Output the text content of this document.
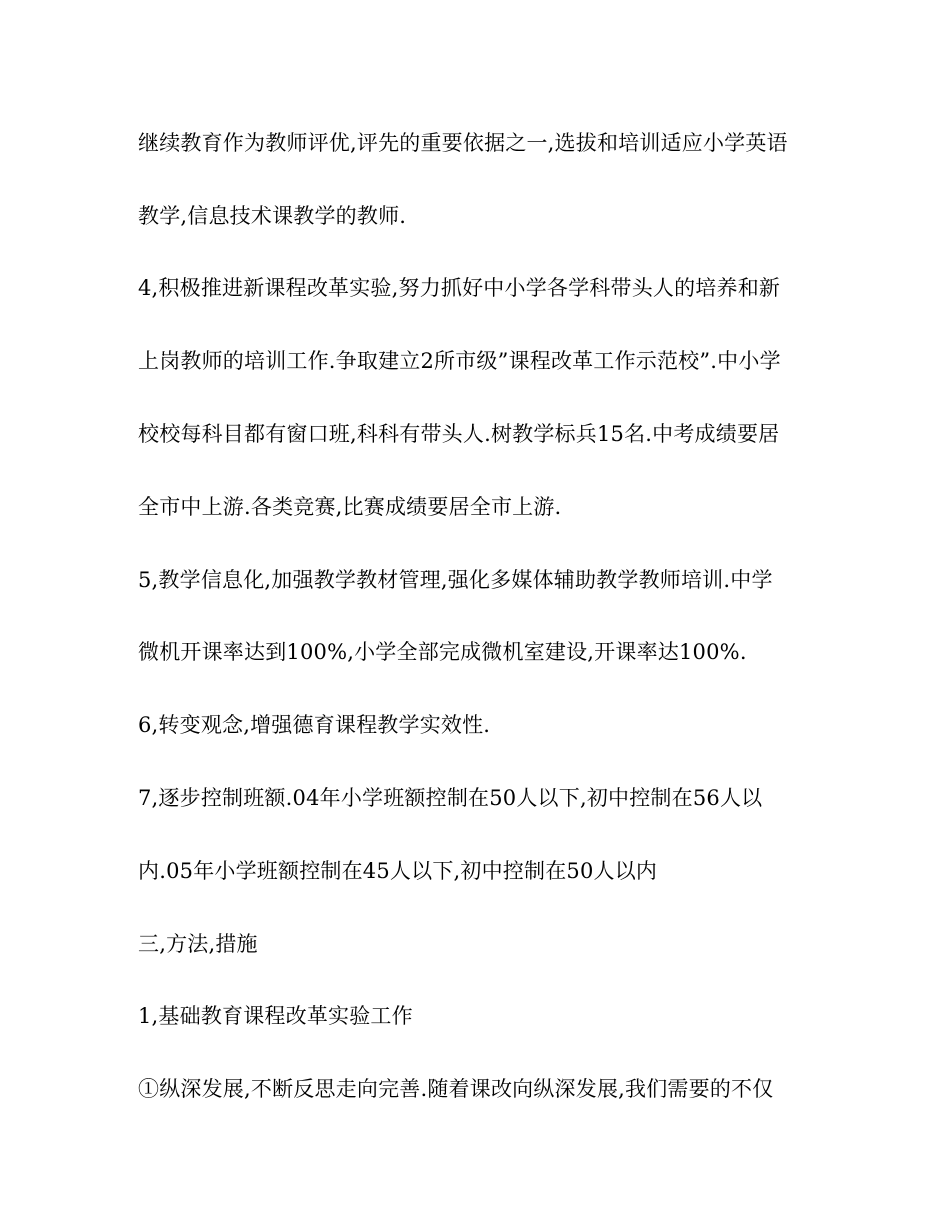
继续教育作为教师评优,评先的重要依据之一,选拔和培训适应小学英语
教学,信息技术课教学的教师.
4,积极推进新课程改革实验,努力抓好中小学各学科带头人的培养和新
上岗教师的培训工作.争取建立2所市级”课程改革工作示范校”.中小学
校校每科目都有窗口班,科科有带头人.树教学标兵15名.中考成绩要居
全市中上游.各类竞赛,比赛成绩要居全市上游.
5,教学信息化,加强教学教材管理,强化多媒体辅助教学教师培训.中学
微机开课率达到100%,小学全部完成微机室建设,开课率达100%.
6,转变观念,增强德育课程教学实效性.
7,逐步控制班额.04年小学班额控制在50人以下,初中控制在56人以
内.05年小学班额控制在45人以下,初中控制在50人以内
三,方法,措施
1,基础教育课程改革实验工作
①纵深发展,不断反思走向完善.随着课改向纵深发展,我们需要的不仅
